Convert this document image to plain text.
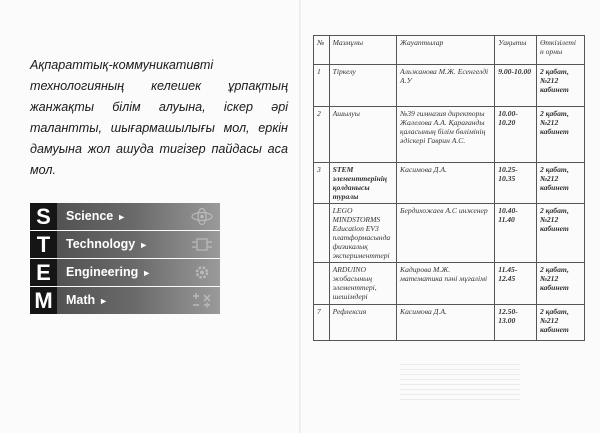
Ақпараттық-коммуникативті технологияның келешек ұрпақтың жанжақты білім алуына, іскер әрі талантты, шығармашылығы мол, еркін дамуына жол ашуда тигізер пайдасы аса мол.

S	Science ►
T	Technology ►
E	Engineering ►
M	Math ►
№	Мазмұны	Жауаптылар	Уақыты	Өткізілеті н орны
1	Тіркелу	Альжанова М.Ж. Есенгелді А.У	9.00-10.00	2 қабат, №212 кабинет
2	Ашылуы	№39 гимназия директоры Жалелова А.А. Қарағанды қаласының білім бөлімінің әдіскері Гаврин А.С.	10.00-10.20	2 қабат, №212 кабинет
3	STEM элементтерінің қолданысы туралы	Касимова Д.А.	10.25-10.35	2 қабат, №212 кабинет
	LEGO MINDSTORMS Education EV3 платформасында физикалық эксперименттері	Бердихожаев А.С инженер	10.40-11.40	2 қабат, №212 кабинет
	ARDUINO жобасының элементтері, шешімдері	Кадирова М.Ж. математика пәні мұғалімі	11.45-12.45	2 қабат, №212 кабинет
7	Рефлексия	Касимова Д.А.	12.50-13.00	2 қабат, №212 кабинет
